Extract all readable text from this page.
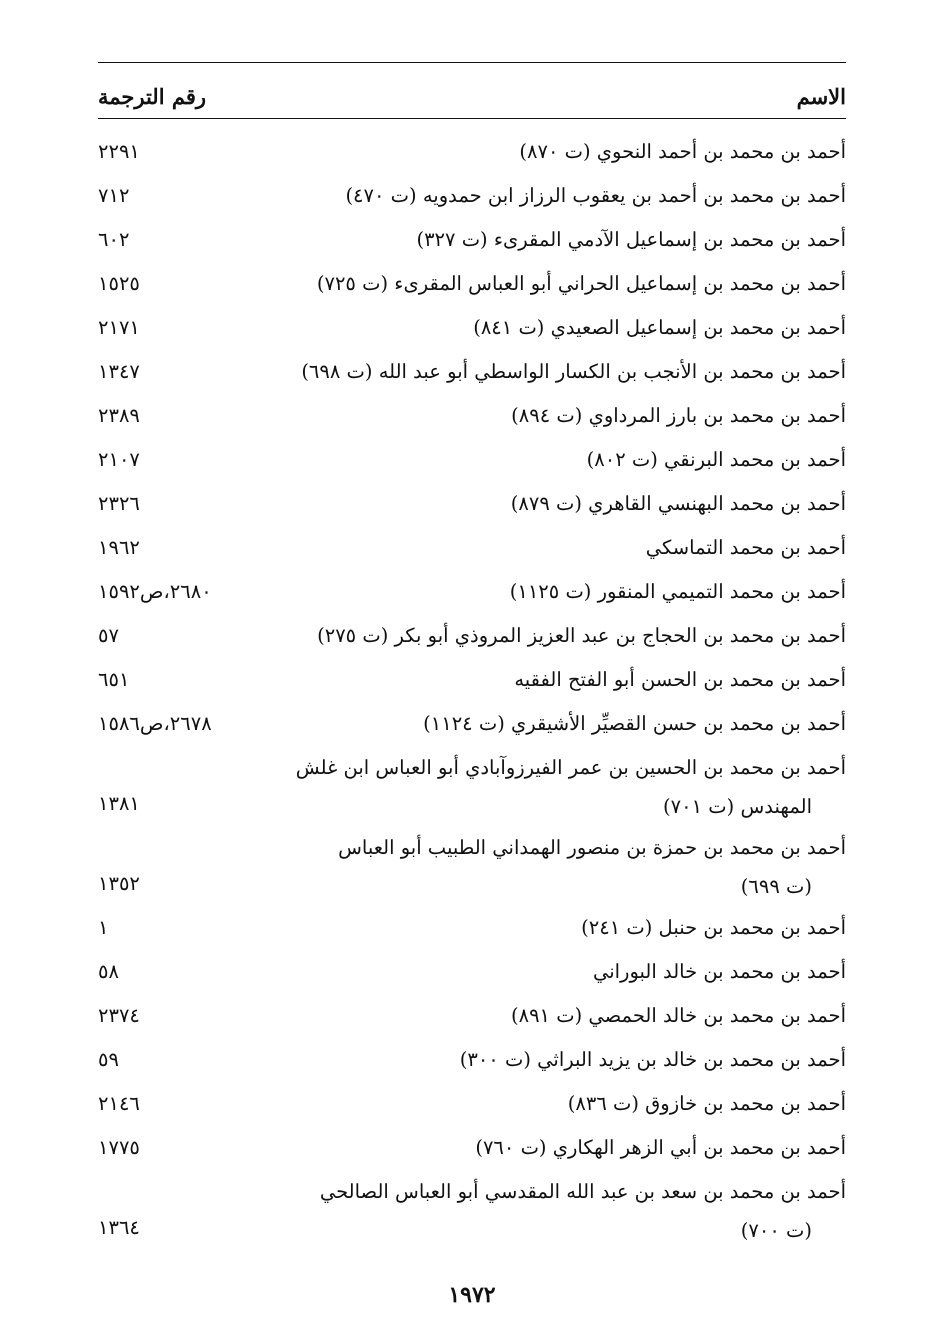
الاسم
رقم الترجمة
أحمد بن محمد بن أحمد النحوي (ت ٨٧٠)
٢٢٩١
أحمد بن محمد بن أحمد بن يعقوب الرزاز ابن حمدويه (ت ٤٧٠)
٧١٢
أحمد بن محمد بن إسماعيل الآدمي المقرىء (ت ٣٢٧)
٦٠٢
أحمد بن محمد بن إسماعيل الحراني أبو العباس المقرىء (ت ٧٢٥)
١٥٢٥
أحمد بن محمد بن إسماعيل الصعيدي (ت ٨٤١)
٢١٧١
أحمد بن محمد بن الأنجب بن الكسار الواسطي أبو عبد الله (ت ٦٩٨)
١٣٤٧
أحمد بن محمد بن بارز المرداوي (ت ٨٩٤)
٢٣٨٩
أحمد بن محمد البرنقي (ت ٨٠٢)
٢١٠٧
أحمد بن محمد البهنسي القاهري (ت ٨٧٩)
٢٣٢٦
أحمد بن محمد التماسكي
١٩٦٢
أحمد بن محمد التميمي المنقور (ت ١١٢٥)
٢٦٨٠،ص١٥٩٢
أحمد بن محمد بن الحجاج بن عبد العزيز المروذي أبو بكر (ت ٢٧٥)
٥٧
أحمد بن محمد بن الحسن أبو الفتح الفقيه
٦٥١
أحمد بن محمد بن حسن القصيِّر الأشيقري (ت ١١٢٤)
٢٦٧٨،ص١٥٨٦
أحمد بن محمد بن الحسين بن عمر الفيرزوآبادي أبو العباس ابن غلش
المهندس (ت ٧٠١)
١٣٨١
أحمد بن محمد بن حمزة بن منصور الهمداني الطبيب أبو العباس
(ت ٦٩٩)
١٣٥٢
أحمد بن محمد بن حنبل (ت ٢٤١)
١
أحمد بن محمد بن خالد البوراني
٥٨
أحمد بن محمد بن خالد الحمصي (ت ٨٩١)
٢٣٧٤
أحمد بن محمد بن خالد بن يزيد البراثي (ت ٣٠٠)
٥٩
أحمد بن محمد بن خازوق (ت ٨٣٦)
٢١٤٦
أحمد بن محمد بن أبي الزهر الهكاري (ت ٧٦٠)
١٧٧٥
أحمد بن محمد بن سعد بن عبد الله المقدسي أبو العباس الصالحي
(ت ٧٠٠)
١٣٦٤
١٩٧٢
